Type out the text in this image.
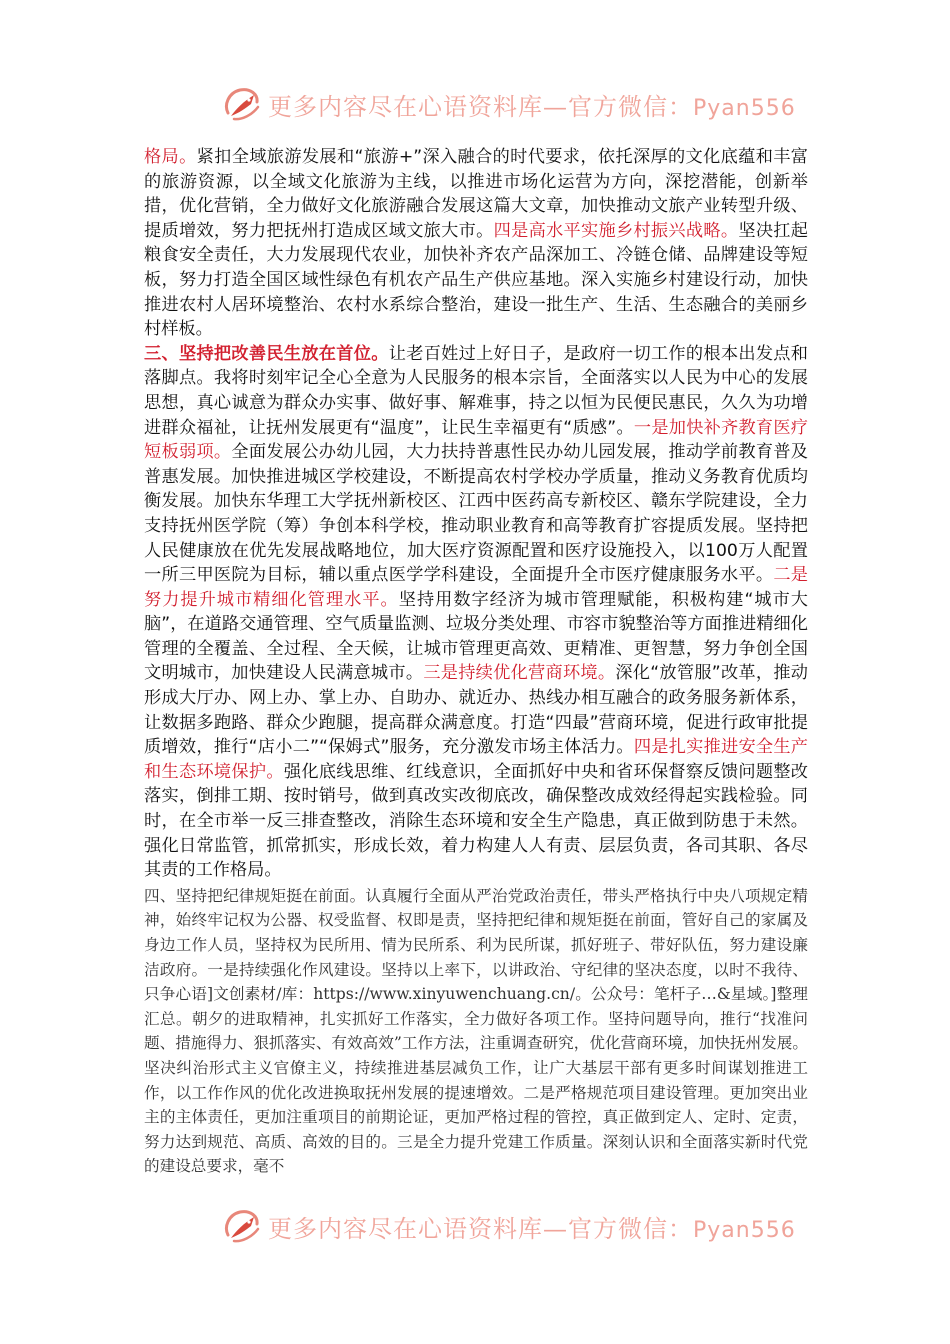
更多内容尽在心语资料库—官方微信：Pyan556

格局。紧扣全域旅游发展和“旅游+”深入融合的时代要求，依托深厚的文化底蕴和丰富的旅游资源，以全域文化旅游为主线，以推进市场化运营为方向，深挖潜能，创新举措，优化营销，全力做好文化旅游融合发展这篇大文章，加快推动文旅产业转型升级、提质增效，努力把抚州打造成区域文旅大市。四是高水平实施乡村振兴战略。坚决扛起粮食安全责任，大力发展现代农业，加快补齐农产品深加工、冷链仓储、品牌建设等短板，努力打造全国区域性绿色有机农产品生产供应基地。深入实施乡村建设行动，加快推进农村人居环境整治、农村水系综合整治，建设一批生产、生活、生态融合的美丽乡村样板。
三、坚持把改善民生放在首位。让老百姓过上好日子，是政府一切工作的根本出发点和落脚点。我将时刻牢记全心全意为人民服务的根本宗旨，全面落实以人民为中心的发展思想，真心诚意为群众办实事、做好事、解难事，持之以恒为民便民惠民，久久为功增进群众福祉，让抚州发展更有“温度”，让民生幸福更有“质感”。一是加快补齐教育医疗短板弱项。全面发展公办幼儿园，大力扶持普惠性民办幼儿园发展，推动学前教育普及普惠发展。加快推进城区学校建设，不断提高农村学校办学质量，推动义务教育优质均衡发展。加快东华理工大学抚州新校区、江西中医药高专新校区、赣东学院建设，全力支持抚州医学院（筹）争创本科学校，推动职业教育和高等教育扩容提质发展。坚持把人民健康放在优先发展战略地位，加大医疗资源配置和医疗设施投入，以100万人配置一所三甲医院为目标，辅以重点医学学科建设，全面提升全市医疗健康服务水平。二是努力提升城市精细化管理水平。坚持用数字经济为城市管理赋能，积极构建“城市大脑”，在道路交通管理、空气质量监测、垃圾分类处理、市容市貌整治等方面推进精细化管理的全覆盖、全过程、全天候，让城市管理更高效、更精准、更智慧，努力争创全国文明城市，加快建设人民满意城市。三是持续优化营商环境。深化“放管服”改革，推动形成大厅办、网上办、掌上办、自助办、就近办、热线办相互融合的政务服务新体系，让数据多跑路、群众少跑腿，提高群众满意度。打造“四最”营商环境，促进行政审批提质增效，推行“店小二”“保姆式”服务，充分激发市场主体活力。四是扎实推进安全生产和生态环境保护。强化底线思维、红线意识，全面抓好中央和省环保督察反馈问题整改落实，倒排工期、按时销号，做到真改实改彻底改，确保整改成效经得起实践检验。同时，在全市举一反三排查整改，消除生态环境和安全生产隐患，真正做到防患于未然。强化日常监管，抓常抓实，形成长效，着力构建人人有责、层层负责，各司其职、各尽其责的工作格局。

四、坚持把纪律规矩挺在前面。认真履行全面从严治党政治责任，带头严格执行中央八项规定精神，始终牢记权为公器、权受监督、权即是责，坚持把纪律和规矩挺在前面，管好自己的家属及身边工作人员，坚持权为民所用、情为民所系、利为民所谋，抓好班子、带好队伍，努力建设廉洁政府。一是持续强化作风建设。坚持以上率下，以讲政治、守纪律的坚决态度，以时不我待、只争心语]文创素材/库：https://www.xinyuwenchuang.cn/。公众号：笔杆子…&星域。]整理汇总。朝夕的进取精神，扎实抓好工作落实，全力做好各项工作。坚持问题导向，推行“找准问题、措施得力、狠抓落实、有效高效”工作方法，注重调查研究，优化营商环境，加快抚州发展。坚决纠治形式主义官僚主义，持续推进基层减负工作，让广大基层干部有更多时间谋划推进工作，以工作作风的优化改进换取抚州发展的提速增效。二是严格规范项目建设管理。更加突出业主的主体责任，更加注重项目的前期论证，更加严格过程的管控，真正做到定人、定时、定责，努力达到规范、高质、高效的目的。三是全力提升党建工作质量。深刻认识和全面落实新时代党的建设总要求，毫不

更多内容尽在心语资料库—官方微信：Pyan556
